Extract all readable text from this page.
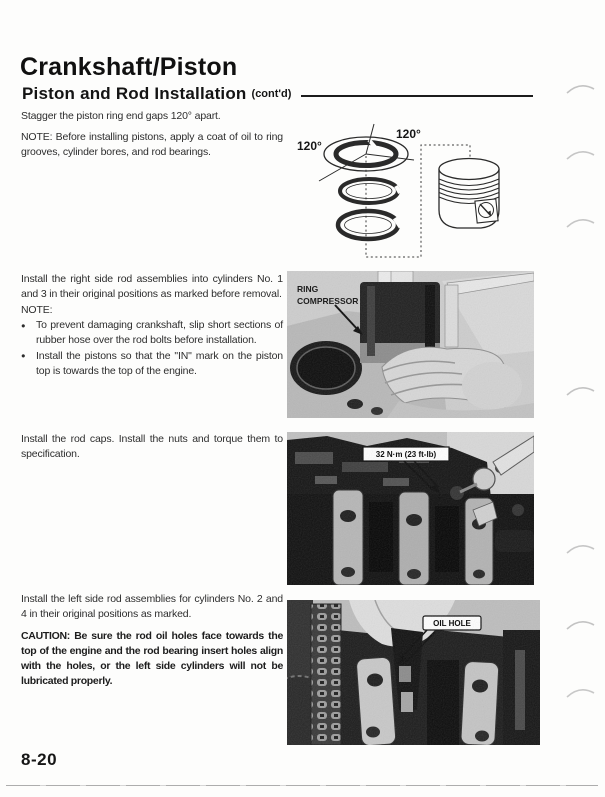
Crankshaft/Piston
Piston and Rod Installation (cont'd)

Stagger the piston ring end gaps 120° apart.

NOTE: Before installing pistons, apply a coat of oil to ring grooves, cylinder bores, and rod bearings.	120°
120°

Install the right side rod assemblies into cylinders No. 1 and 3 in their original positions as marked before removal.

NOTE:

●	To prevent damaging crankshaft, slip short sections of rubber hose over the rod bolts before installation.
●	Install the pistons so that the "IN" mark on the piston top is towards the top of the engine.
RING
COMPRESSOR

Install the rod caps. Install the nuts and torque them to specification.	32 N·m (23 ft-lb)

Install the left side rod assemblies for cylinders No. 2 and 4 in their original positions as marked.

CAUTION: Be sure the rod oil holes face towards the top of the engine and the rod bearing insert holes align with the holes, or the left side cylinders will not be lubricated properly.

OIL HOLE
8-20
